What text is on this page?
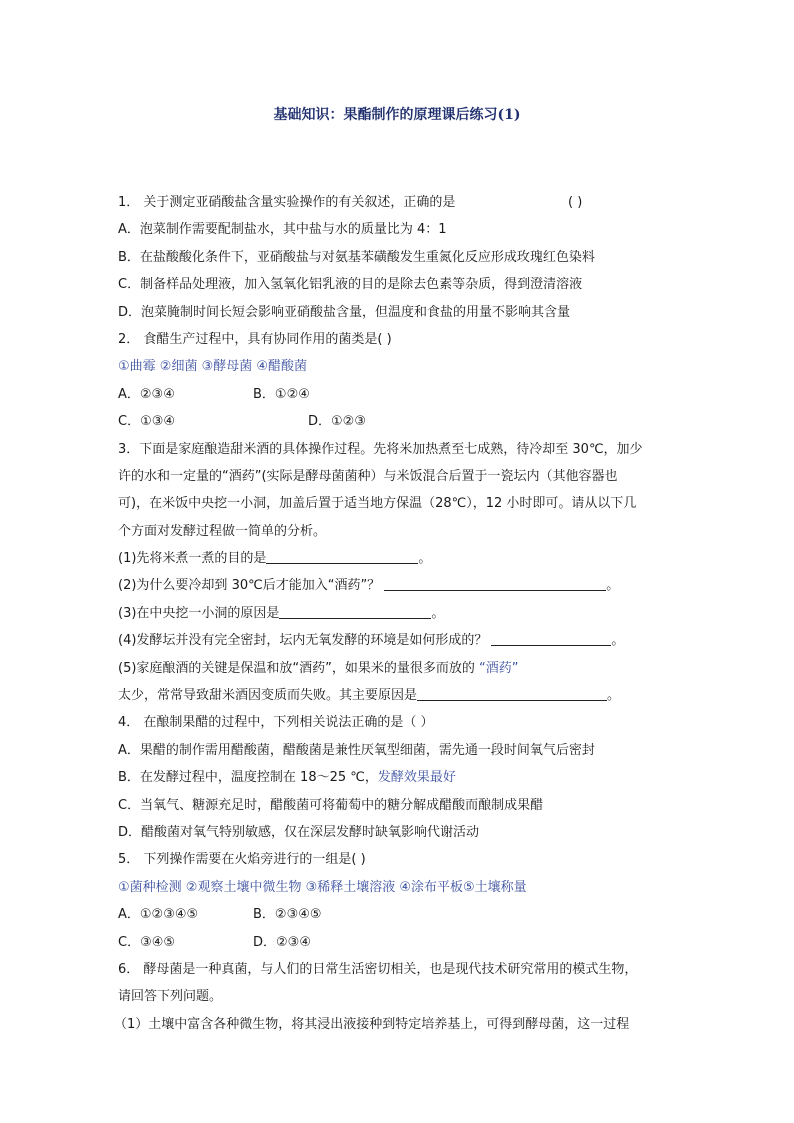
基础知识：果酯制作的原理课后练习(1)
1． 关于测定亚硝酸盐含量实验操作的有关叙述，正确的是	( )
A．泡菜制作需要配制盐水，其中盐与水的质量比为 4：1
B．在盐酸酸化条件下，亚硝酸盐与对氨基苯磺酸发生重氮化反应形成玫瑰红色染料
C．制备样品处理液，加入氢氧化铝乳液的目的是除去色素等杂质，得到澄清溶液
D．泡菜腌制时间长短会影响亚硝酸盐含量，但温度和食盐的用量不影响其含量
2． 食醋生产过程中，具有协同作用的菌类是( )
①曲霉 ②细菌 ③酵母菌 ④醋酸菌
A．②③④	B．①②④
C．①③④	D．①②③
3．下面是家庭酿造甜米酒的具体操作过程。先将米加热煮至七成熟，待冷却至 30℃，加少
许的水和一定量的“酒药”(实际是酵母菌菌种）与米饭混合后置于一瓷坛内（其他容器也
可)，在米饭中央挖一小洞，加盖后置于适当地方保温（28℃），12 小时即可。请从以下几
个方面对发酵过程做一简单的分析。
(1)先将米煮一煮的目的是	。
(2)为什么要冷却到 30℃后才能加入“酒药”？	。
(3)在中央挖一小洞的原因是	。
(4)发酵坛并没有完全密封，坛内无氧发酵的环境是如何形成的？	。
(5)家庭酿酒的关键是保温和放“酒药”，如果米的量很多而放的 “酒药”
太少，常常导致甜米酒因变质而失败。其主要原因是	。
4． 在酿制果醋的过程中，下列相关说法正确的是（ ）
A．果醋的制作需用醋酸菌，醋酸菌是兼性厌氧型细菌，需先通一段时间氧气后密封
B．在发酵过程中，温度控制在 18～25 ℃，发酵效果最好
C．当氧气、糖源充足时，醋酸菌可将葡萄中的糖分解成醋酸而酿制成果醋
D．醋酸菌对氧气特别敏感，仅在深层发酵时缺氧影响代谢活动
5． 下列操作需要在火焰旁进行的一组是( )
①菌种检测 ②观察土壤中微生物 ③稀释土壤溶液 ④涂布平板⑤土壤称量
A．①②③④⑤	B．②③④⑤
C．③④⑤	D．②③④
6． 酵母菌是一种真菌，与人们的日常生活密切相关，也是现代技术研究常用的模式生物，
请回答下列问题。
（1）土壤中富含各种微生物，将其浸出液接种到特定培养基上，可得到酵母菌，这一过程
